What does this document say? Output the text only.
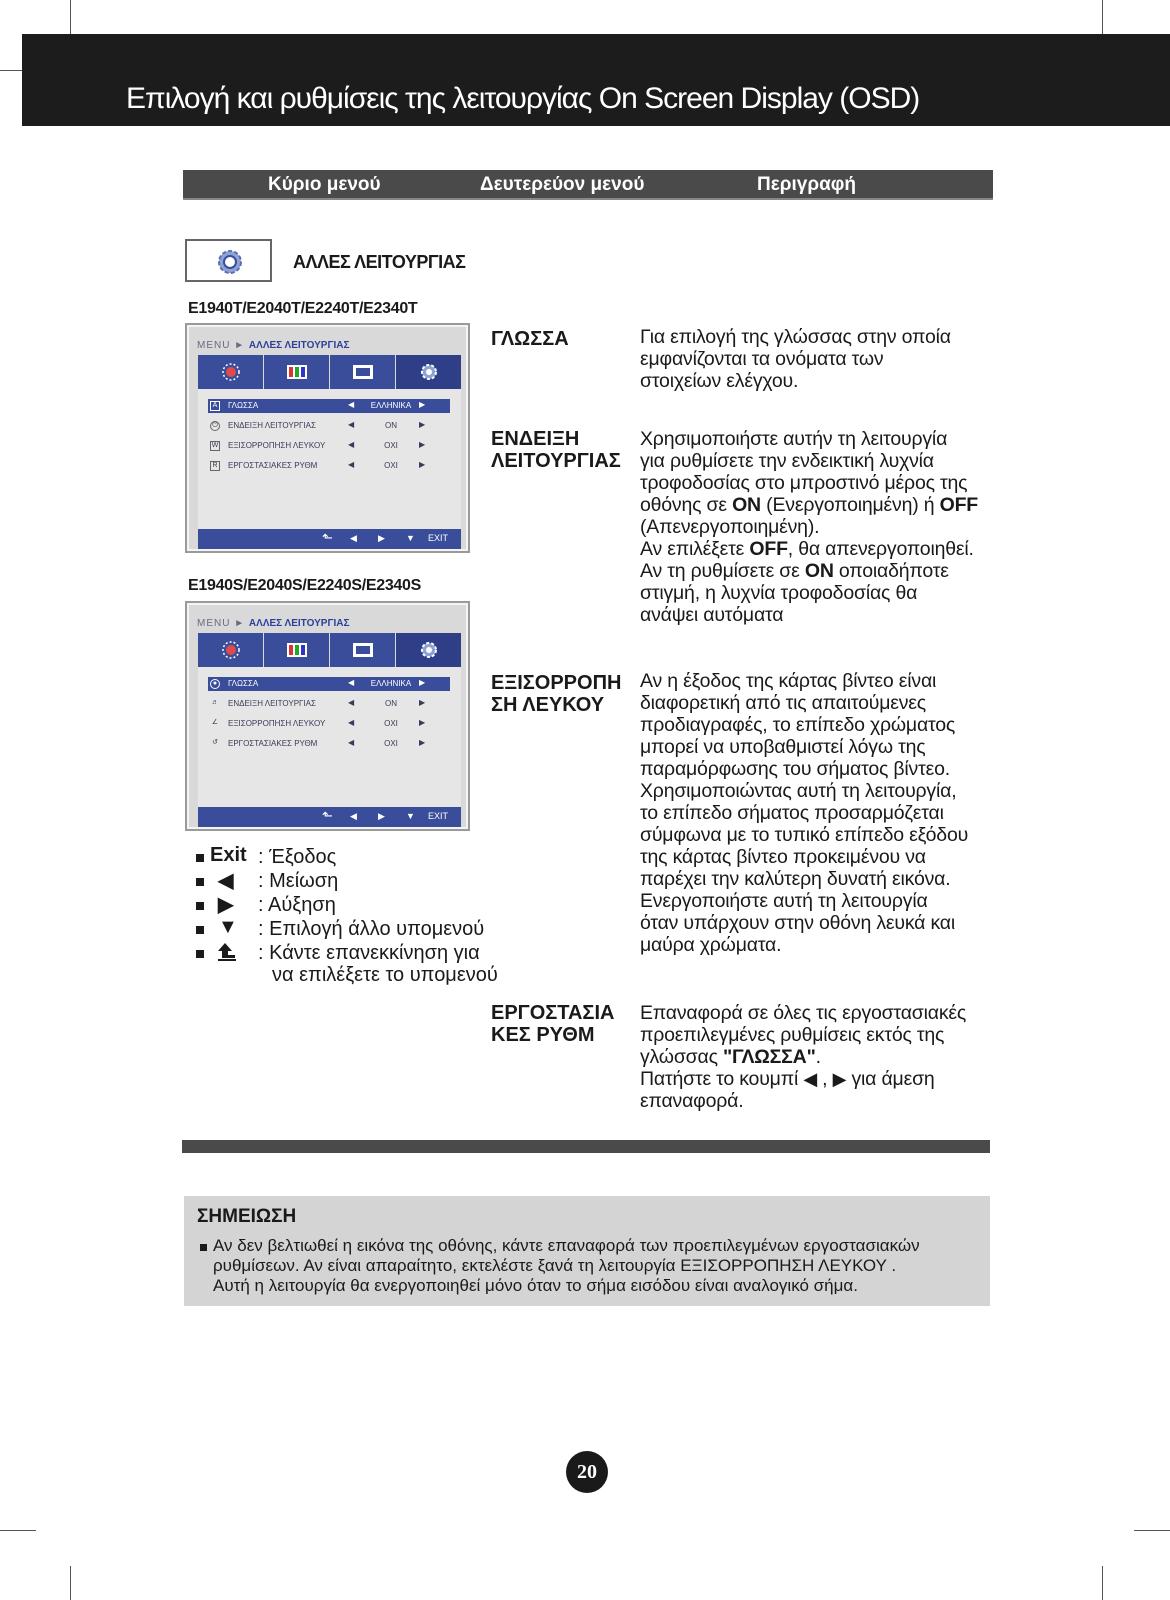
Επιλογή και ρυθμίσεις της λειτουργίας On Screen Display (OSD)
Κύριο μενού	Δευτερεύον μενού	Περιγραφή
ΑΛΛΕΣ ΛΕΙΤΟΥΡΓΙΑΣ
E1940T/E2040T/E2240T/E2340T
E1940S/E2040S/E2240S/E2340S
MENU ► ΑΛΛΕΣ ΛΕΙΤΟΥΡΓΙΑΣ
A	ΓΛΩΣΣΑ	◀	ΕΛΛΗΝΙΚΑ ▶
⏻ ΕΝΔΕΙΞΗ ΛΕΙΤΟΥΡΓΙΑΣ	◀	ON	▶
W ΕΞΙΣΟΡΡΟΠΗΣΗ ΛΕΥΚΟΥ	◀	ΟΧΙ	▶
R	ΕΡΓΟΣΤΑΣΙΑΚΕΣ ΡΥΘΜ	◀	ΟΧΙ	▶
⬑ ◀ ▶ ▼ EXIT
MENU ► ΑΛΛΕΣ ΛΕΙΤΟΥΡΓΙΑΣ
●	ΓΛΩΣΣΑ	◀	ΕΛΛΗΝΙΚΑ ▶
♬ ΕΝΔΕΙΞΗ ΛΕΙΤΟΥΡΓΙΑΣ	◀	ON	▶
∠ ΕΞΙΣΟΡΡΟΠΗΣΗ ΛΕΥΚΟΥ	◀	ΟΧΙ	▶
↺ ΕΡΓΟΣΤΑΣΙΑΚΕΣ ΡΥΘΜ	◀	ΟΧΙ	▶
⬑ ◀ ▶ ▼ EXIT
Exit : Έξοδος
◀ : Μείωση
▶ : Αύξηση
▼ : Επιλογή άλλο υπομενού
: Κάντε επανεκκίνηση για
να επιλέξετε το υπομενού
ΓΛΩΣΣΑ	Για επιλογή της γλώσσας στην οποία
εμφανίζονται τα ονόματα των
στοιχείων ελέγχου.
ΕΝΔΕΙΞΗ
ΛΕΙΤΟΥΡΓΙΑΣ
Χρησιμοποιήστε αυτήν τη λειτουργία
για ρυθμίσετε την ενδεικτική λυχνία
τροφοδοσίας στο μπροστινό μέρος της
οθόνης σε ON (Ενεργοποιημένη) ή OFF
(Απενεργοποιημένη).
Αν επιλέξετε OFF, θα απενεργοποιηθεί.
Αν τη ρυθμίσετε σε ON οποιαδήποτε
στιγμή, η λυχνία τροφοδοσίας θα
ανάψει αυτόματα
ΕΞΙΣΟΡΡΟΠΗ
ΣΗ ΛΕΥΚΟΥ
Αν η έξοδος της κάρτας βίντεο είναι
διαφορετική από τις απαιτούμενες
προδιαγραφές, το επίπεδο χρώματος
μπορεί να υποβαθμιστεί λόγω της
παραμόρφωσης του σήματος βίντεο.
Χρησιμοποιώντας αυτή τη λειτουργία,
το επίπεδο σήματος προσαρμόζεται
σύμφωνα με το τυπικό επίπεδο εξόδου
της κάρτας βίντεο προκειμένου να
παρέχει την καλύτερη δυνατή εικόνα.
Ενεργοποιήστε αυτή τη λειτουργία
όταν υπάρχουν στην οθόνη λευκά και
μαύρα χρώματα.
ΕΡΓΟΣΤΑΣΙΑ
ΚΕΣ ΡΥΘΜ
Επαναφορά σε όλες τις εργοστασιακές
προεπιλεγμένες ρυθμίσεις εκτός της
γλώσσας "ΓΛΩΣΣΑ".
Πατήστε το κουμπί ◀ , ▶ για άμεση
επαναφορά.
ΣΗΜΕΙΩΣΗ
Αν δεν βελτιωθεί η εικόνα της οθόνης, κάντε επαναφορά των προεπιλεγμένων εργοστασιακών
ρυθμίσεων. Αν είναι απαραίτητο, εκτελέστε ξανά τη λειτουργία ΕΞΙΣΟΡΡΟΠΗΣΗ ΛΕΥΚΟΥ .
Αυτή η λειτουργία θα ενεργοποιηθεί μόνο όταν το σήμα εισόδου είναι αναλογικό σήμα.
20
